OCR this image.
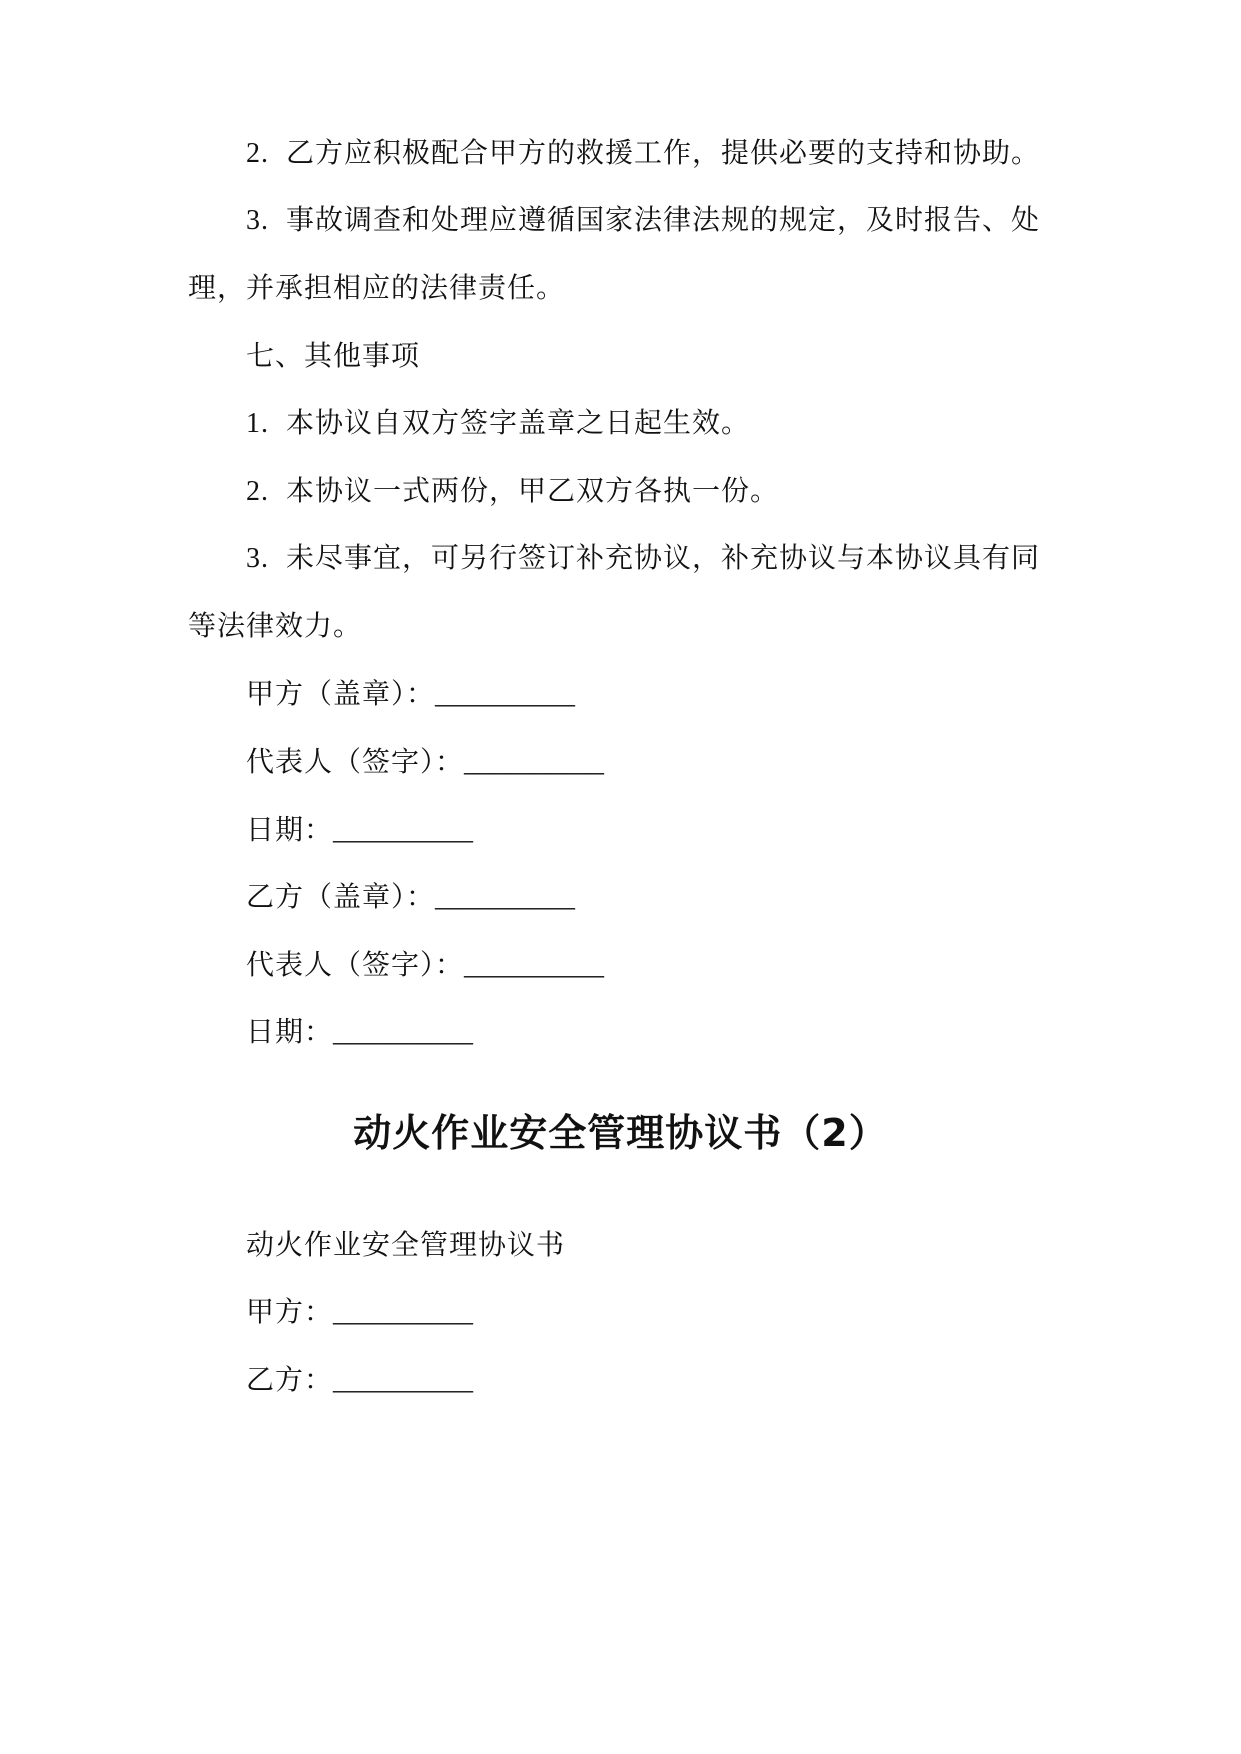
2. 乙方应积极配合甲方的救援工作，提供必要的支持和协助。
3. 事故调查和处理应遵循国家法律法规的规定，及时报告、处
理，并承担相应的法律责任。
七、其他事项
1. 本协议自双方签字盖章之日起生效。
2. 本协议一式两份，甲乙双方各执一份。
3. 未尽事宜，可另行签订补充协议，补充协议与本协议具有同
等法律效力。
甲方（盖章）：__________
代表人（签字）：__________
日期：__________
乙方（盖章）：__________
代表人（签字）：__________
日期：__________
动火作业安全管理协议书（2）
动火作业安全管理协议书
甲方：__________
乙方：__________
